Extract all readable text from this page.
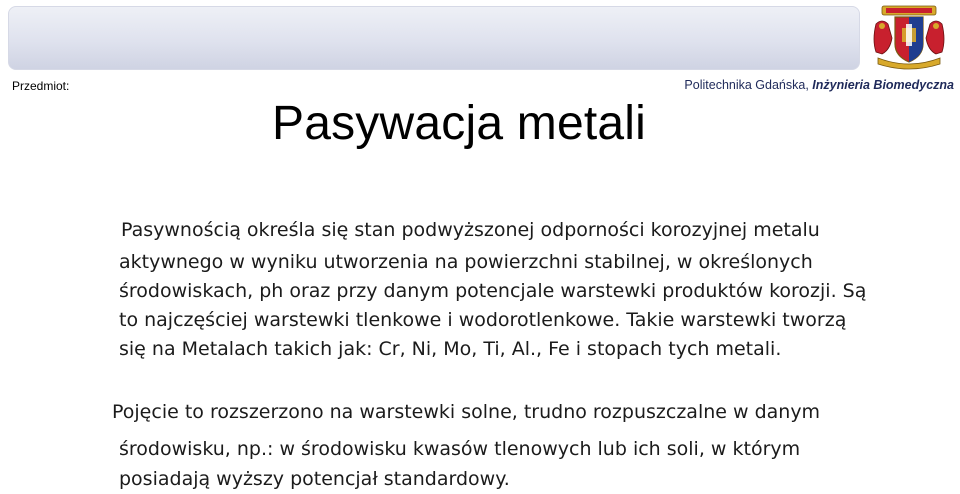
Przedmiot:	Politechnika Gdańska, Inżynieria Biomedyczna
Pasywacja metali
Pasywnością określa się stan podwyższonej odporności korozyjnej metalu
aktywnego w wyniku utworzenia na powierzchni stabilnej, w określonych
środowiskach, ph oraz przy danym potencjale warstewki produktów korozji. Są
to najczęściej warstewki tlenkowe i wodorotlenkowe. Takie warstewki tworzą
się na Metalach takich jak: Cr, Ni, Mo, Ti, Al., Fe i stopach tych metali.
Pojęcie to rozszerzono na warstewki solne, trudno rozpuszczalne w danym
środowisku, np.: w środowisku kwasów tlenowych lub ich soli, w którym
posiadają wyższy potencjał standardowy.
